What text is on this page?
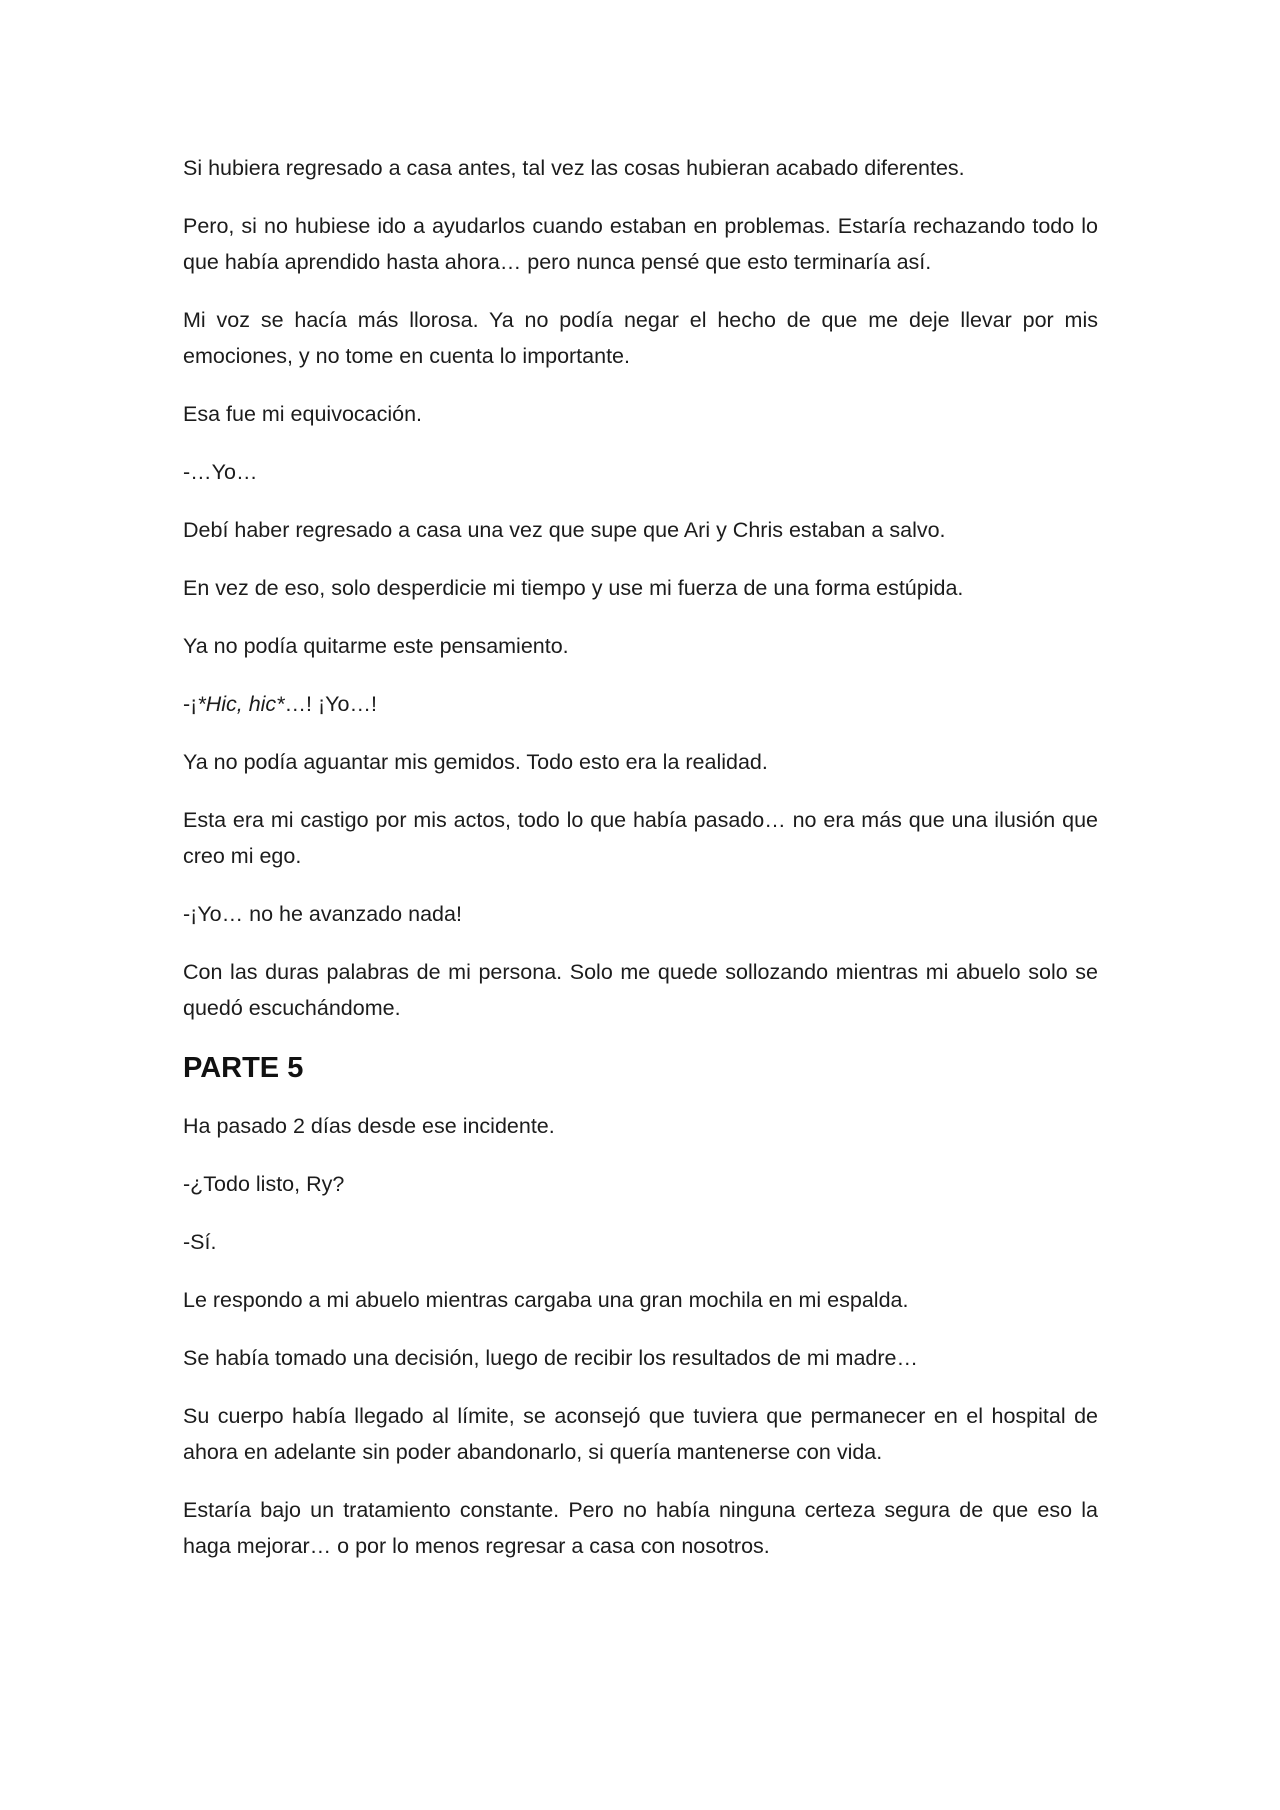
Si hubiera regresado a casa antes, tal vez las cosas hubieran acabado diferentes.

Pero, si no hubiese ido a ayudarlos cuando estaban en problemas. Estaría rechazando todo lo que había aprendido hasta ahora… pero nunca pensé que esto terminaría así.

Mi voz se hacía más llorosa. Ya no podía negar el hecho de que me deje llevar por mis emociones, y no tome en cuenta lo importante.

Esa fue mi equivocación.

-…Yo…

Debí haber regresado a casa una vez que supe que Ari y Chris estaban a salvo.

En vez de eso, solo desperdicie mi tiempo y use mi fuerza de una forma estúpida.

Ya no podía quitarme este pensamiento.

-¡*Hic, hic*…! ¡Yo…!

Ya no podía aguantar mis gemidos. Todo esto era la realidad.

Esta era mi castigo por mis actos, todo lo que había pasado… no era más que una ilusión que creo mi ego.

-¡Yo… no he avanzado nada!

Con las duras palabras de mi persona. Solo me quede sollozando mientras mi abuelo solo se quedó escuchándome.

PARTE 5

Ha pasado 2 días desde ese incidente.

-¿Todo listo, Ry?

-Sí.

Le respondo a mi abuelo mientras cargaba una gran mochila en mi espalda.

Se había tomado una decisión, luego de recibir los resultados de mi madre…

Su cuerpo había llegado al límite, se aconsejó que tuviera que permanecer en el hospital de ahora en adelante sin poder abandonarlo, si quería mantenerse con vida.

Estaría bajo un tratamiento constante. Pero no había ninguna certeza segura de que eso la haga mejorar… o por lo menos regresar a casa con nosotros.
